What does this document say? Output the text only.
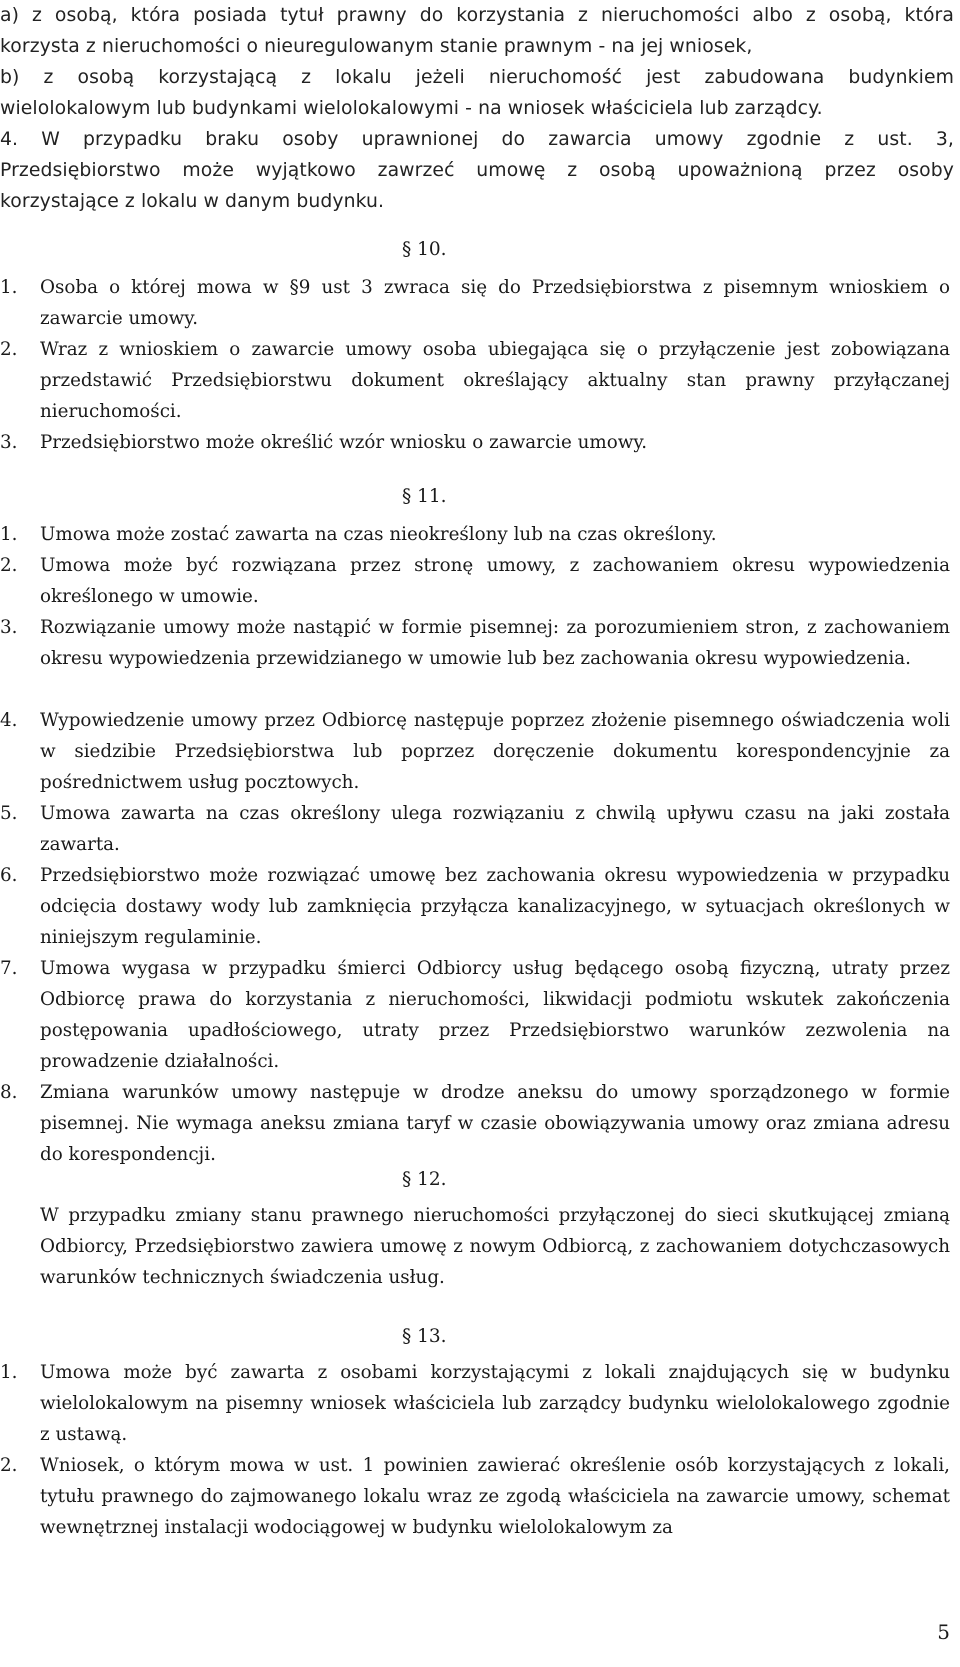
a) z osobą, która posiada tytuł prawny do korzystania z nieruchomości albo z osobą, która

korzysta z nieruchomości o nieuregulowanym stanie prawnym - na jej wniosek,

b) z osobą korzystającą z lokalu jeżeli nieruchomość jest zabudowana budynkiem

wielolokalowym lub budynkami wielolokalowymi - na wniosek właściciela lub zarządcy.

4. W przypadku braku osoby uprawnionej do zawarcia umowy zgodnie z ust. 3,

Przedsiębiorstwo może wyjątkowo zawrzeć umowę z osobą upoważnioną przez osoby

korzystające z lokalu w danym budynku.

§ 10.
1.	Osoba o której mowa w §9 ust 3 zwraca się do Przedsiębiorstwa z pisemnym wnioskiem o zawarcie umowy.
2.	Wraz z wnioskiem o zawarcie umowy osoba ubiegająca się o przyłączenie jest zobowiązana przedstawić Przedsiębiorstwu dokument określający aktualny stan prawny przyłączanej nieruchomości.
3.	Przedsiębiorstwo może określić wzór wniosku o zawarcie umowy.
§ 11.
1.	Umowa może zostać zawarta na czas nieokreślony lub na czas określony.
2.	Umowa może być rozwiązana przez stronę umowy, z zachowaniem okresu wypowiedzenia określonego w umowie.
3.	Rozwiązanie umowy może nastąpić w formie pisemnej: za porozumieniem stron, z zachowaniem okresu wypowiedzenia przewidzianego w umowie lub bez zachowania okresu wypowiedzenia.
4.	Wypowiedzenie umowy przez Odbiorcę następuje poprzez złożenie pisemnego oświadczenia woli w siedzibie Przedsiębiorstwa lub poprzez doręczenie dokumentu korespondencyjnie za pośrednictwem usług pocztowych.
5.	Umowa zawarta na czas określony ulega rozwiązaniu z chwilą upływu czasu na jaki została zawarta.
6.	Przedsiębiorstwo może rozwiązać umowę bez zachowania okresu wypowiedzenia w przypadku odcięcia dostawy wody lub zamknięcia przyłącza kanalizacyjnego, w sytuacjach określonych w niniejszym regulaminie.
7.	Umowa wygasa w przypadku śmierci Odbiorcy usług będącego osobą fizyczną, utraty przez Odbiorcę prawa do korzystania z nieruchomości, likwidacji podmiotu wskutek zakończenia postępowania upadłościowego, utraty przez Przedsiębiorstwo warunków zezwolenia na prowadzenie działalności.
8.	Zmiana warunków umowy następuje w drodze aneksu do umowy sporządzonego w formie pisemnej. Nie wymaga aneksu zmiana taryf w czasie obowiązywania umowy oraz zmiana adresu do korespondencji.
§ 12.
W przypadku zmiany stanu prawnego nieruchomości przyłączonej do sieci skutkującej zmianą Odbiorcy, Przedsiębiorstwo zawiera umowę z nowym Odbiorcą, z zachowaniem dotychczasowych warunków technicznych świadczenia usług.
§ 13.
1.	Umowa może być zawarta z osobami korzystającymi z lokali znajdujących się w budynku wielolokalowym na pisemny wniosek właściciela lub zarządcy budynku wielolokalowego zgodnie z ustawą.
2.	Wniosek, o którym mowa w ust. 1 powinien zawierać określenie osób korzystających z lokali, tytułu prawnego do zajmowanego lokalu wraz ze zgodą właściciela na zawarcie umowy, schemat wewnętrznej instalacji wodociągowej w budynku wielolokalowym za
5
